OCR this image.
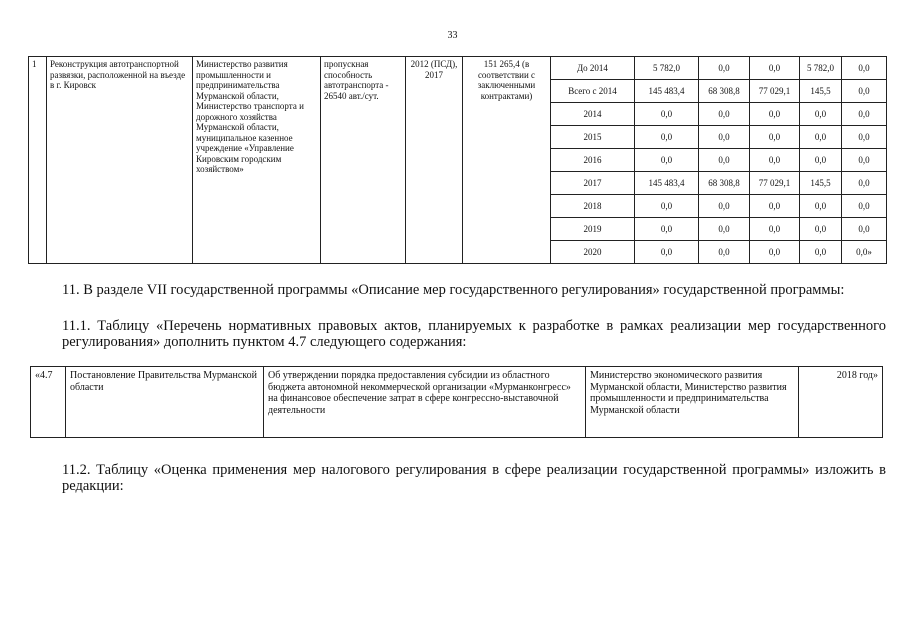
33
1	Реконструкция автотранспортной развязки, расположенной на въезде в г. Кировск	Министерство развития промышленности и предпринимательства Мурманской области, Министерство транспорта и дорожного хозяйства Мурманской области, муниципальное казенное учреждение «Управление Кировским городским хозяйством»	пропускная способность автотранспорта - 26540 авт./сут.	2012 (ПСД), 2017	151 265,4 (в соответствии с заключенными контрактами)	До 2014	5 782,0	0,0	0,0	5 782,0	0,0
						Всего с 2014	145 483,4	68 308,8	77 029,1	145,5	0,0
						2014	0,0	0,0	0,0	0,0	0,0
						2015	0,0	0,0	0,0	0,0	0,0
						2016	0,0	0,0	0,0	0,0	0,0
						2017	145 483,4	68 308,8	77 029,1	145,5	0,0
						2018	0,0	0,0	0,0	0,0	0,0
						2019	0,0	0,0	0,0	0,0	0,0
						2020	0,0	0,0	0,0	0,0	0,0»
11. В разделе VII государственной программы «Описание мер государственного регулирования» государственной программы:
11.1. Таблицу «Перечень нормативных правовых актов, планируемых к разработке в рамках реализации мер государственного регулирования» дополнить пунктом 4.7 следующего содержания:
«4.7	Постановление Правительства Мурманской области	Об утверждении порядка предоставления субсидии из областного бюджета автономной некоммерческой организации «Мурманконгресс» на финансовое обеспечение затрат в сфере конгрессно-выставочной деятельности	Министерство экономического развития Мурманской области, Министерство развития промышленности и предпринимательства Мурманской области	2018 год»
11.2. Таблицу «Оценка применения мер налогового регулирования в сфере реализации государственной программы» изложить в редакции:
